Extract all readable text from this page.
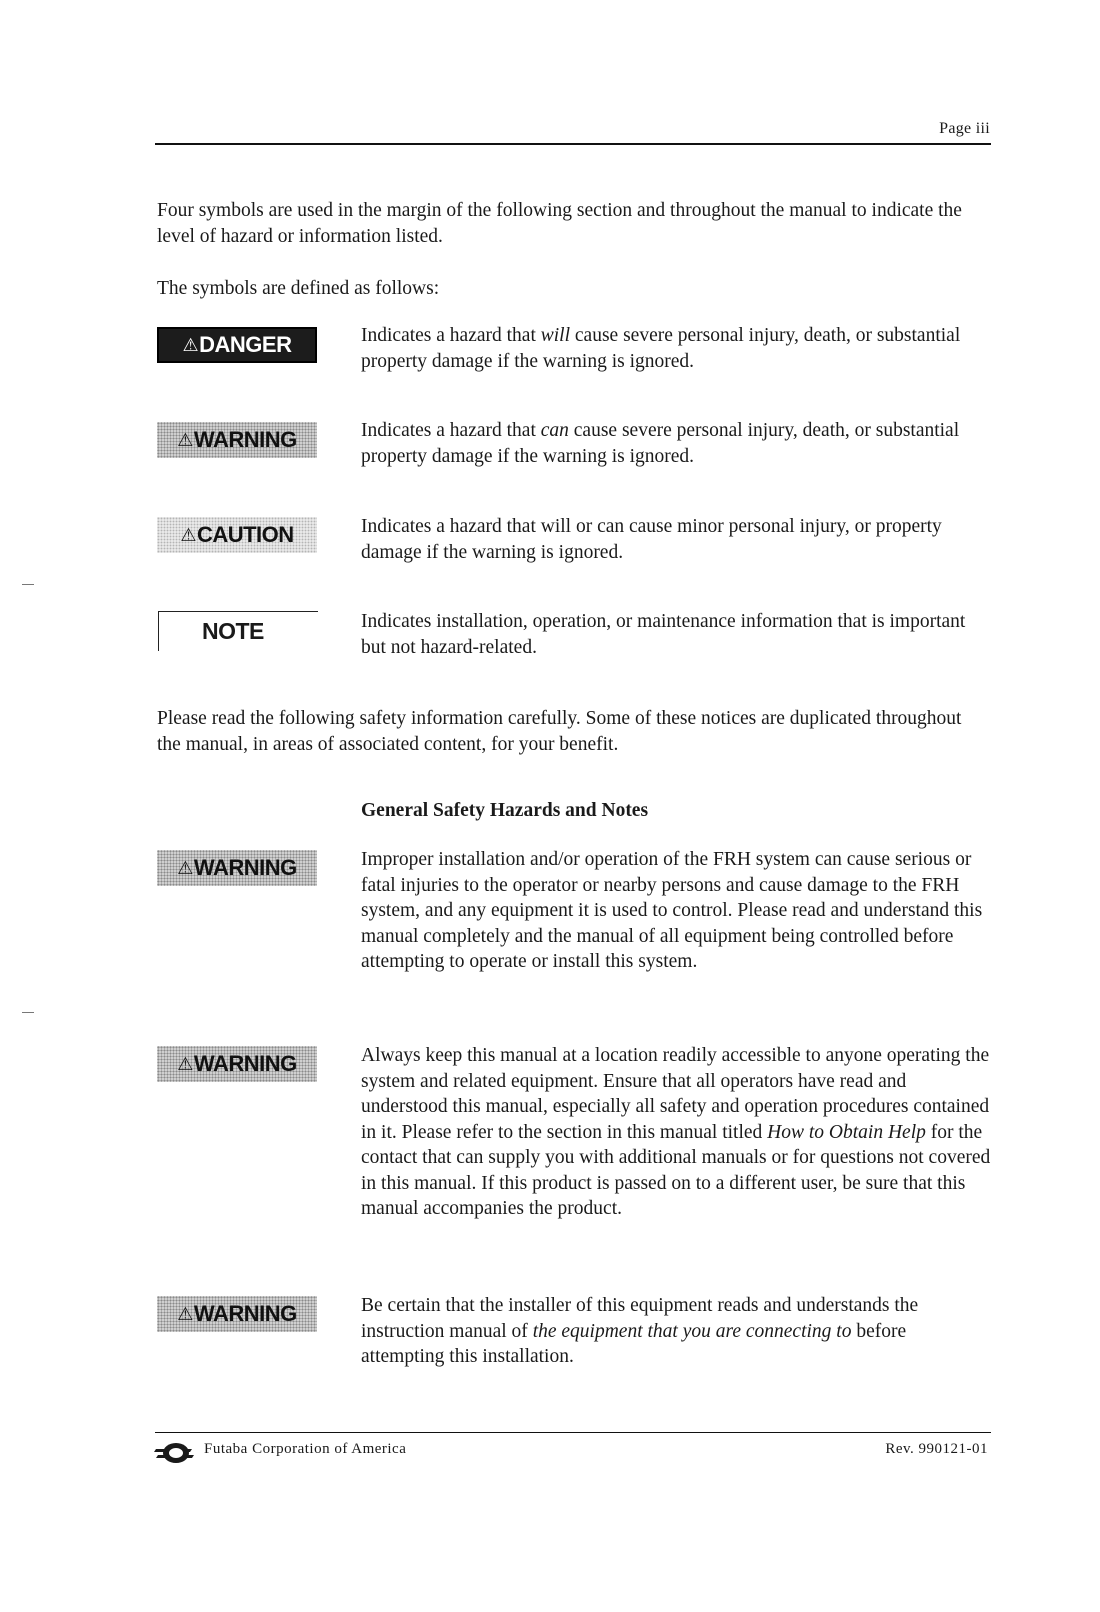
Page iii
Four symbols are used in the margin of the following section and throughout the manual to indicate the level of hazard or information listed.
The symbols are defined as follows:
⚠ DANGER	Indicates a hazard that will cause severe personal injury, death, or substantial property damage if the warning is ignored.
⚠ WARNING	Indicates a hazard that can cause severe personal injury, death, or substantial property damage if the warning is ignored.
⚠ CAUTION	Indicates a hazard that will or can cause minor personal injury, or property damage if the warning is ignored.
NOTE	Indicates installation, operation, or maintenance information that is important but not hazard-related.
Please read the following safety information carefully. Some of these notices are duplicated throughout the manual, in areas of associated content, for your benefit.
General Safety Hazards and Notes
⚠ WARNING	Improper installation and/or operation of the FRH system can cause serious or fatal injuries to the operator or nearby persons and cause damage to the FRH system, and any equipment it is used to control. Please read and understand this manual completely and the manual of all equipment being controlled before attempting to operate or install this system.
⚠ WARNING	Always keep this manual at a location readily accessible to anyone operating the system and related equipment. Ensure that all operators have read and understood this manual, especially all safety and operation procedures contained in it. Please refer to the section in this manual titled How to Obtain Help for the contact that can supply you with additional manuals or for questions not covered in this manual. If this product is passed on to a different user, be sure that this manual accompanies the product.
⚠ WARNING	Be certain that the installer of this equipment reads and understands the instruction manual of the equipment that you are connecting to before attempting this installation.
Futaba Corporation of America	Rev. 990121-01
